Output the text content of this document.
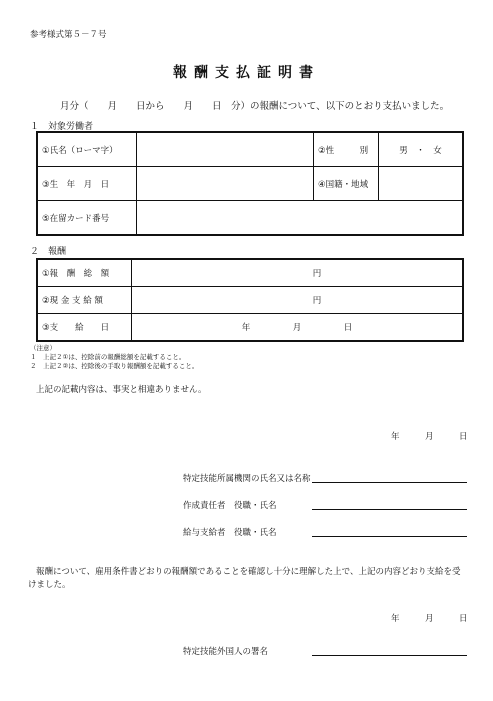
参考様式第５－７号
報酬支払証明書
月分（　　月　　日から　　月　　日　分）の報酬について、以下のとおり支払いました。
１　対象労働者
①氏名（ローマ字）		②性　　　別	男　・　女
③生　年　月　日		④国籍・地域	
⑤在留カード番号			
２　報酬
①報　酬　総　額	円
②現 金 支 給 額	円
③支　　給　　日	年　　　　　月　　　　　日
（注意）
１　上記２①は、控除前の報酬総額を記載すること。
２　上記２②は、控除後の手取り報酬額を記載すること。
上記の記載内容は、事実と相違ありません。
年　　　月　　　日
特定技能所属機関の氏名又は名称
作成責任者　役職・氏名
給与支給者　役職・氏名
報酬について、雇用条件書どおりの報酬額であることを確認し十分に理解した上で、上記の内容どおり支給を受けました。
年　　　月　　　日
特定技能外国人の署名
